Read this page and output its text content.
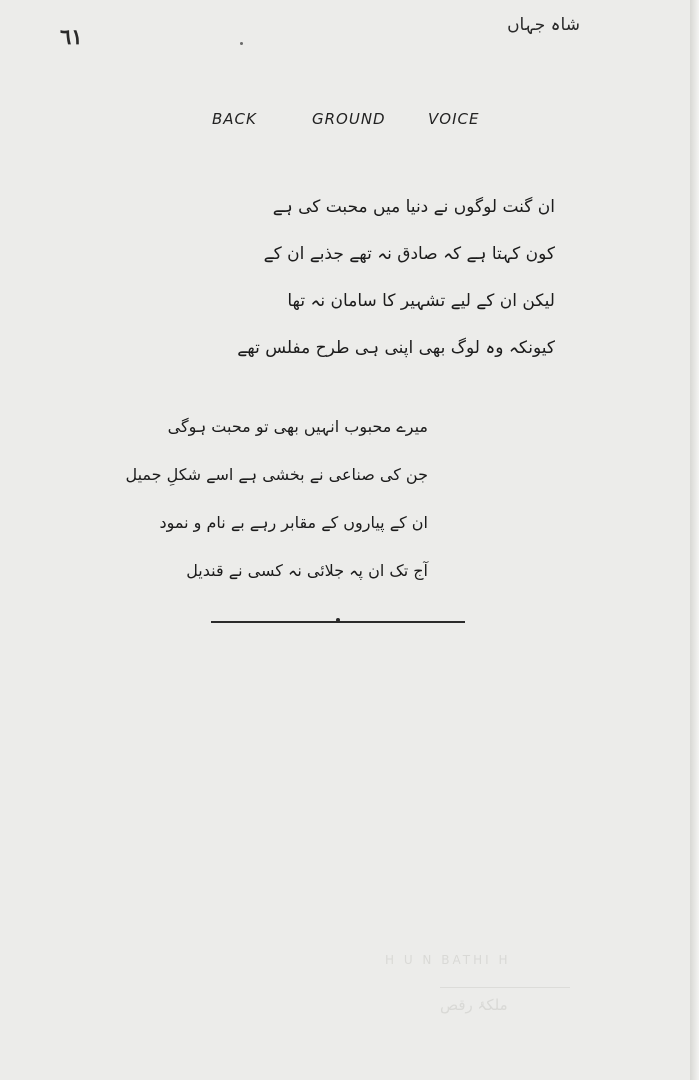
٦١	شاہ جہاں
BACK	GROUND	VOICE
ان گنت لوگوں نے دنیا میں محبت کی ہے
کون کہتا ہے کہ صادق نہ تھے جذبے ان کے
لیکن ان کے لیے تشہیر کا سامان نہ تھا
کیونکہ وہ لوگ بھی اپنی ہی طرح مفلس تھے
میرے محبوب انہیں بھی تو محبت ہوگی
جن کی صناعی نے بخشی ہے اسے شکلِ جمیل
ان کے پیاروں کے مقابر رہے بے نام و نمود
آج تک ان پہ جلائی نہ کسی نے قندیل
H U N BATHI H
ملکۂ رقص
